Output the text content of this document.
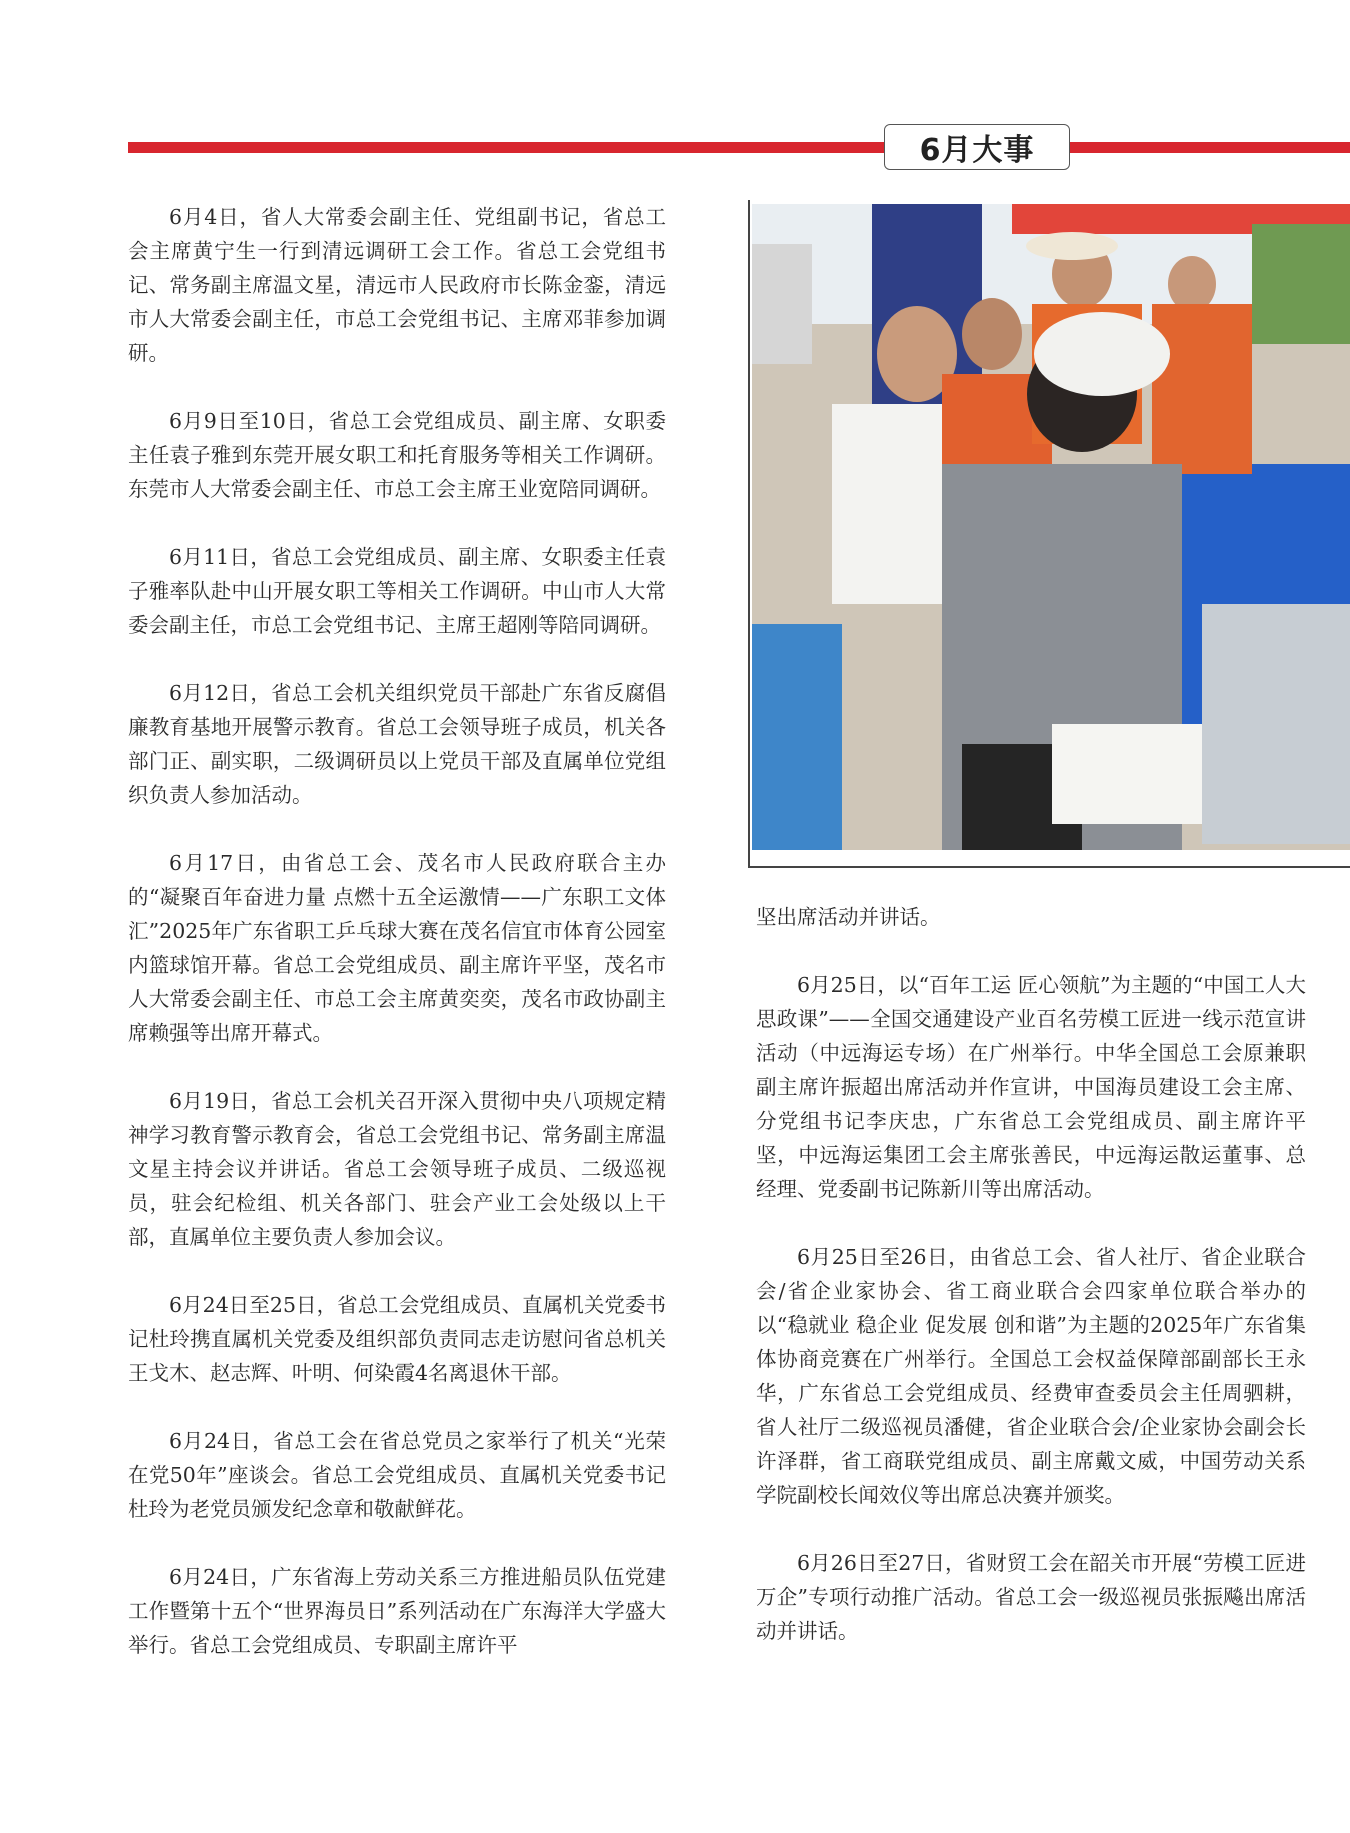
6月大事

6月4日，省人大常委会副主任、党组副书记，省总工会主席黄宁生一行到清远调研工会工作。省总工会党组书记、常务副主席温文星，清远市人民政府市长陈金銮，清远市人大常委会副主任，市总工会党组书记、主席邓菲参加调研。

6月9日至10日，省总工会党组成员、副主席、女职委主任袁子雅到东莞开展女职工和托育服务等相关工作调研。东莞市人大常委会副主任、市总工会主席王业宽陪同调研。

6月11日，省总工会党组成员、副主席、女职委主任袁子雅率队赴中山开展女职工等相关工作调研。中山市人大常委会副主任，市总工会党组书记、主席王超刚等陪同调研。

6月12日，省总工会机关组织党员干部赴广东省反腐倡廉教育基地开展警示教育。省总工会领导班子成员，机关各部门正、副实职，二级调研员以上党员干部及直属单位党组织负责人参加活动。

6月17日，由省总工会、茂名市人民政府联合主办的“凝聚百年奋进力量 点燃十五全运激情——广东职工文体汇”2025年广东省职工乒乓球大赛在茂名信宜市体育公园室内篮球馆开幕。省总工会党组成员、副主席许平坚，茂名市人大常委会副主任、市总工会主席黄奕奕，茂名市政协副主席赖强等出席开幕式。

6月19日，省总工会机关召开深入贯彻中央八项规定精神学习教育警示教育会，省总工会党组书记、常务副主席温文星主持会议并讲话。省总工会领导班子成员、二级巡视员，驻会纪检组、机关各部门、驻会产业工会处级以上干部，直属单位主要负责人参加会议。

6月24日至25日，省总工会党组成员、直属机关党委书记杜玲携直属机关党委及组织部负责同志走访慰问省总机关王戈木、赵志辉、叶明、何染霞4名离退休干部。

6月24日，省总工会在省总党员之家举行了机关“光荣在党50年”座谈会。省总工会党组成员、直属机关党委书记杜玲为老党员颁发纪念章和敬献鲜花。

6月24日，广东省海上劳动关系三方推进船员队伍党建工作暨第十五个“世界海员日”系列活动在广东海洋大学盛大举行。省总工会党组成员、专职副主席许平

坚出席活动并讲话。

6月25日，以“百年工运 匠心领航”为主题的“中国工人大思政课”——全国交通建设产业百名劳模工匠进一线示范宣讲活动（中远海运专场）在广州举行。中华全国总工会原兼职副主席许振超出席活动并作宣讲，中国海员建设工会主席、分党组书记李庆忠，广东省总工会党组成员、副主席许平坚，中远海运集团工会主席张善民，中远海运散运董事、总经理、党委副书记陈新川等出席活动。

6月25日至26日，由省总工会、省人社厅、省企业联合会/省企业家协会、省工商业联合会四家单位联合举办的以“稳就业 稳企业 促发展 创和谐”为主题的2025年广东省集体协商竞赛在广州举行。全国总工会权益保障部副部长王永华，广东省总工会党组成员、经费审查委员会主任周驷耕，省人社厅二级巡视员潘健，省企业联合会/企业家协会副会长许泽群，省工商联党组成员、副主席戴文威，中国劳动关系学院副校长闻效仪等出席总决赛并颁奖。

6月26日至27日，省财贸工会在韶关市开展“劳模工匠进万企”专项行动推广活动。省总工会一级巡视员张振飚出席活动并讲话。
